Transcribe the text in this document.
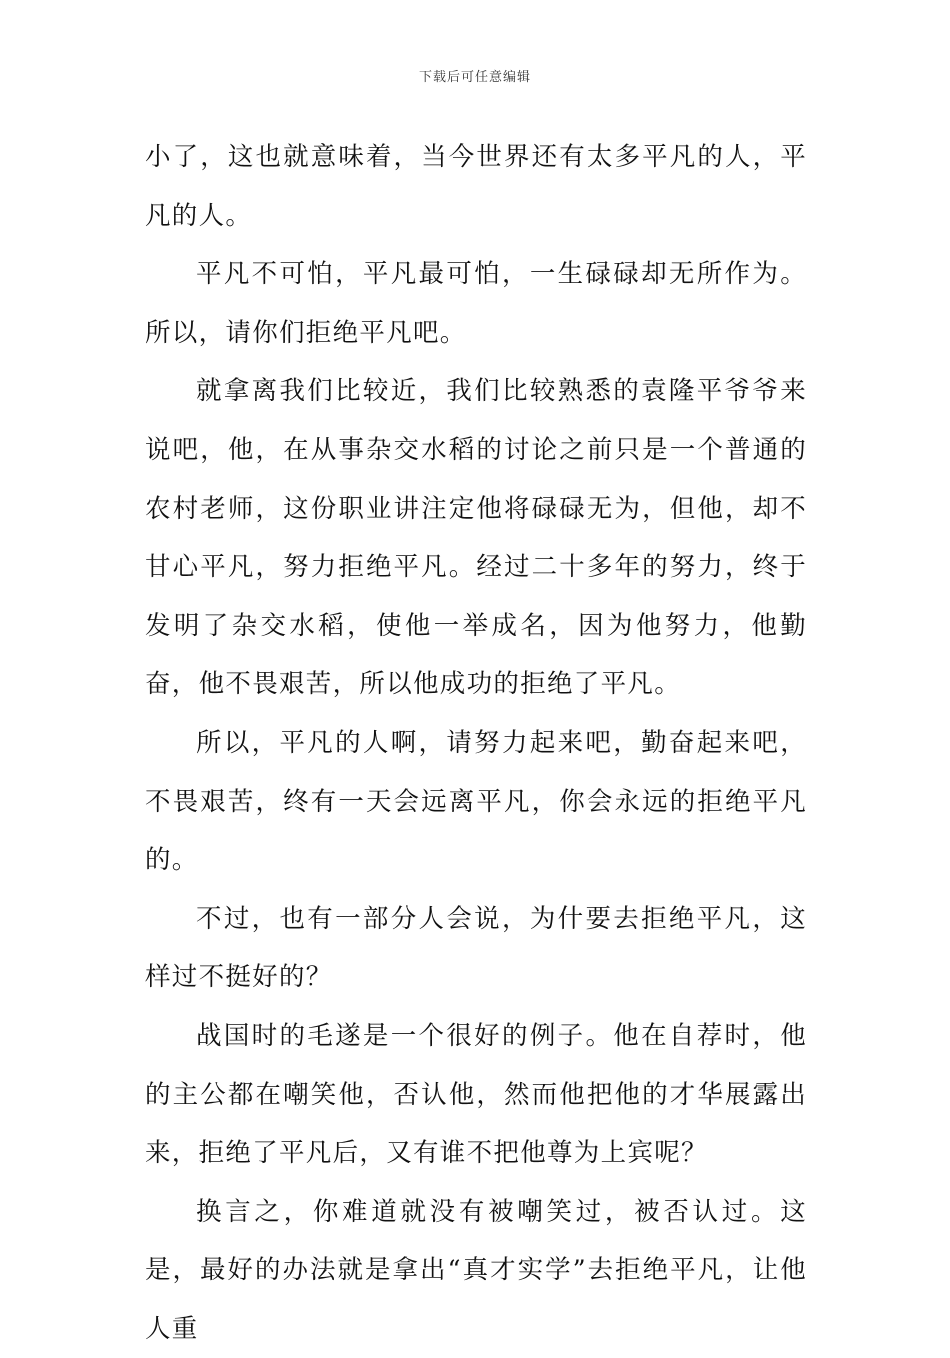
下载后可任意编辑

小了，这也就意味着，当今世界还有太多平凡的人，平凡的人。

平凡不可怕，平凡最可怕，一生碌碌却无所作为。所以，请你们拒绝平凡吧。

就拿离我们比较近，我们比较熟悉的袁隆平爷爷来说吧，他，在从事杂交水稻的讨论之前只是一个普通的农村老师，这份职业讲注定他将碌碌无为，但他，却不甘心平凡，努力拒绝平凡。经过二十多年的努力，终于发明了杂交水稻，使他一举成名，因为他努力，他勤奋，他不畏艰苦，所以他成功的拒绝了平凡。

所以，平凡的人啊，请努力起来吧，勤奋起来吧，不畏艰苦，终有一天会远离平凡，你会永远的拒绝平凡的。

不过，也有一部分人会说，为什要去拒绝平凡，这样过不挺好的？

战国时的毛遂是一个很好的例子。他在自荐时，他的主公都在嘲笑他，否认他，然而他把他的才华展露出来，拒绝了平凡后，又有谁不把他尊为上宾呢？

换言之，你难道就没有被嘲笑过，被否认过。这是，最好的办法就是拿出“真才实学”去拒绝平凡，让他人重
